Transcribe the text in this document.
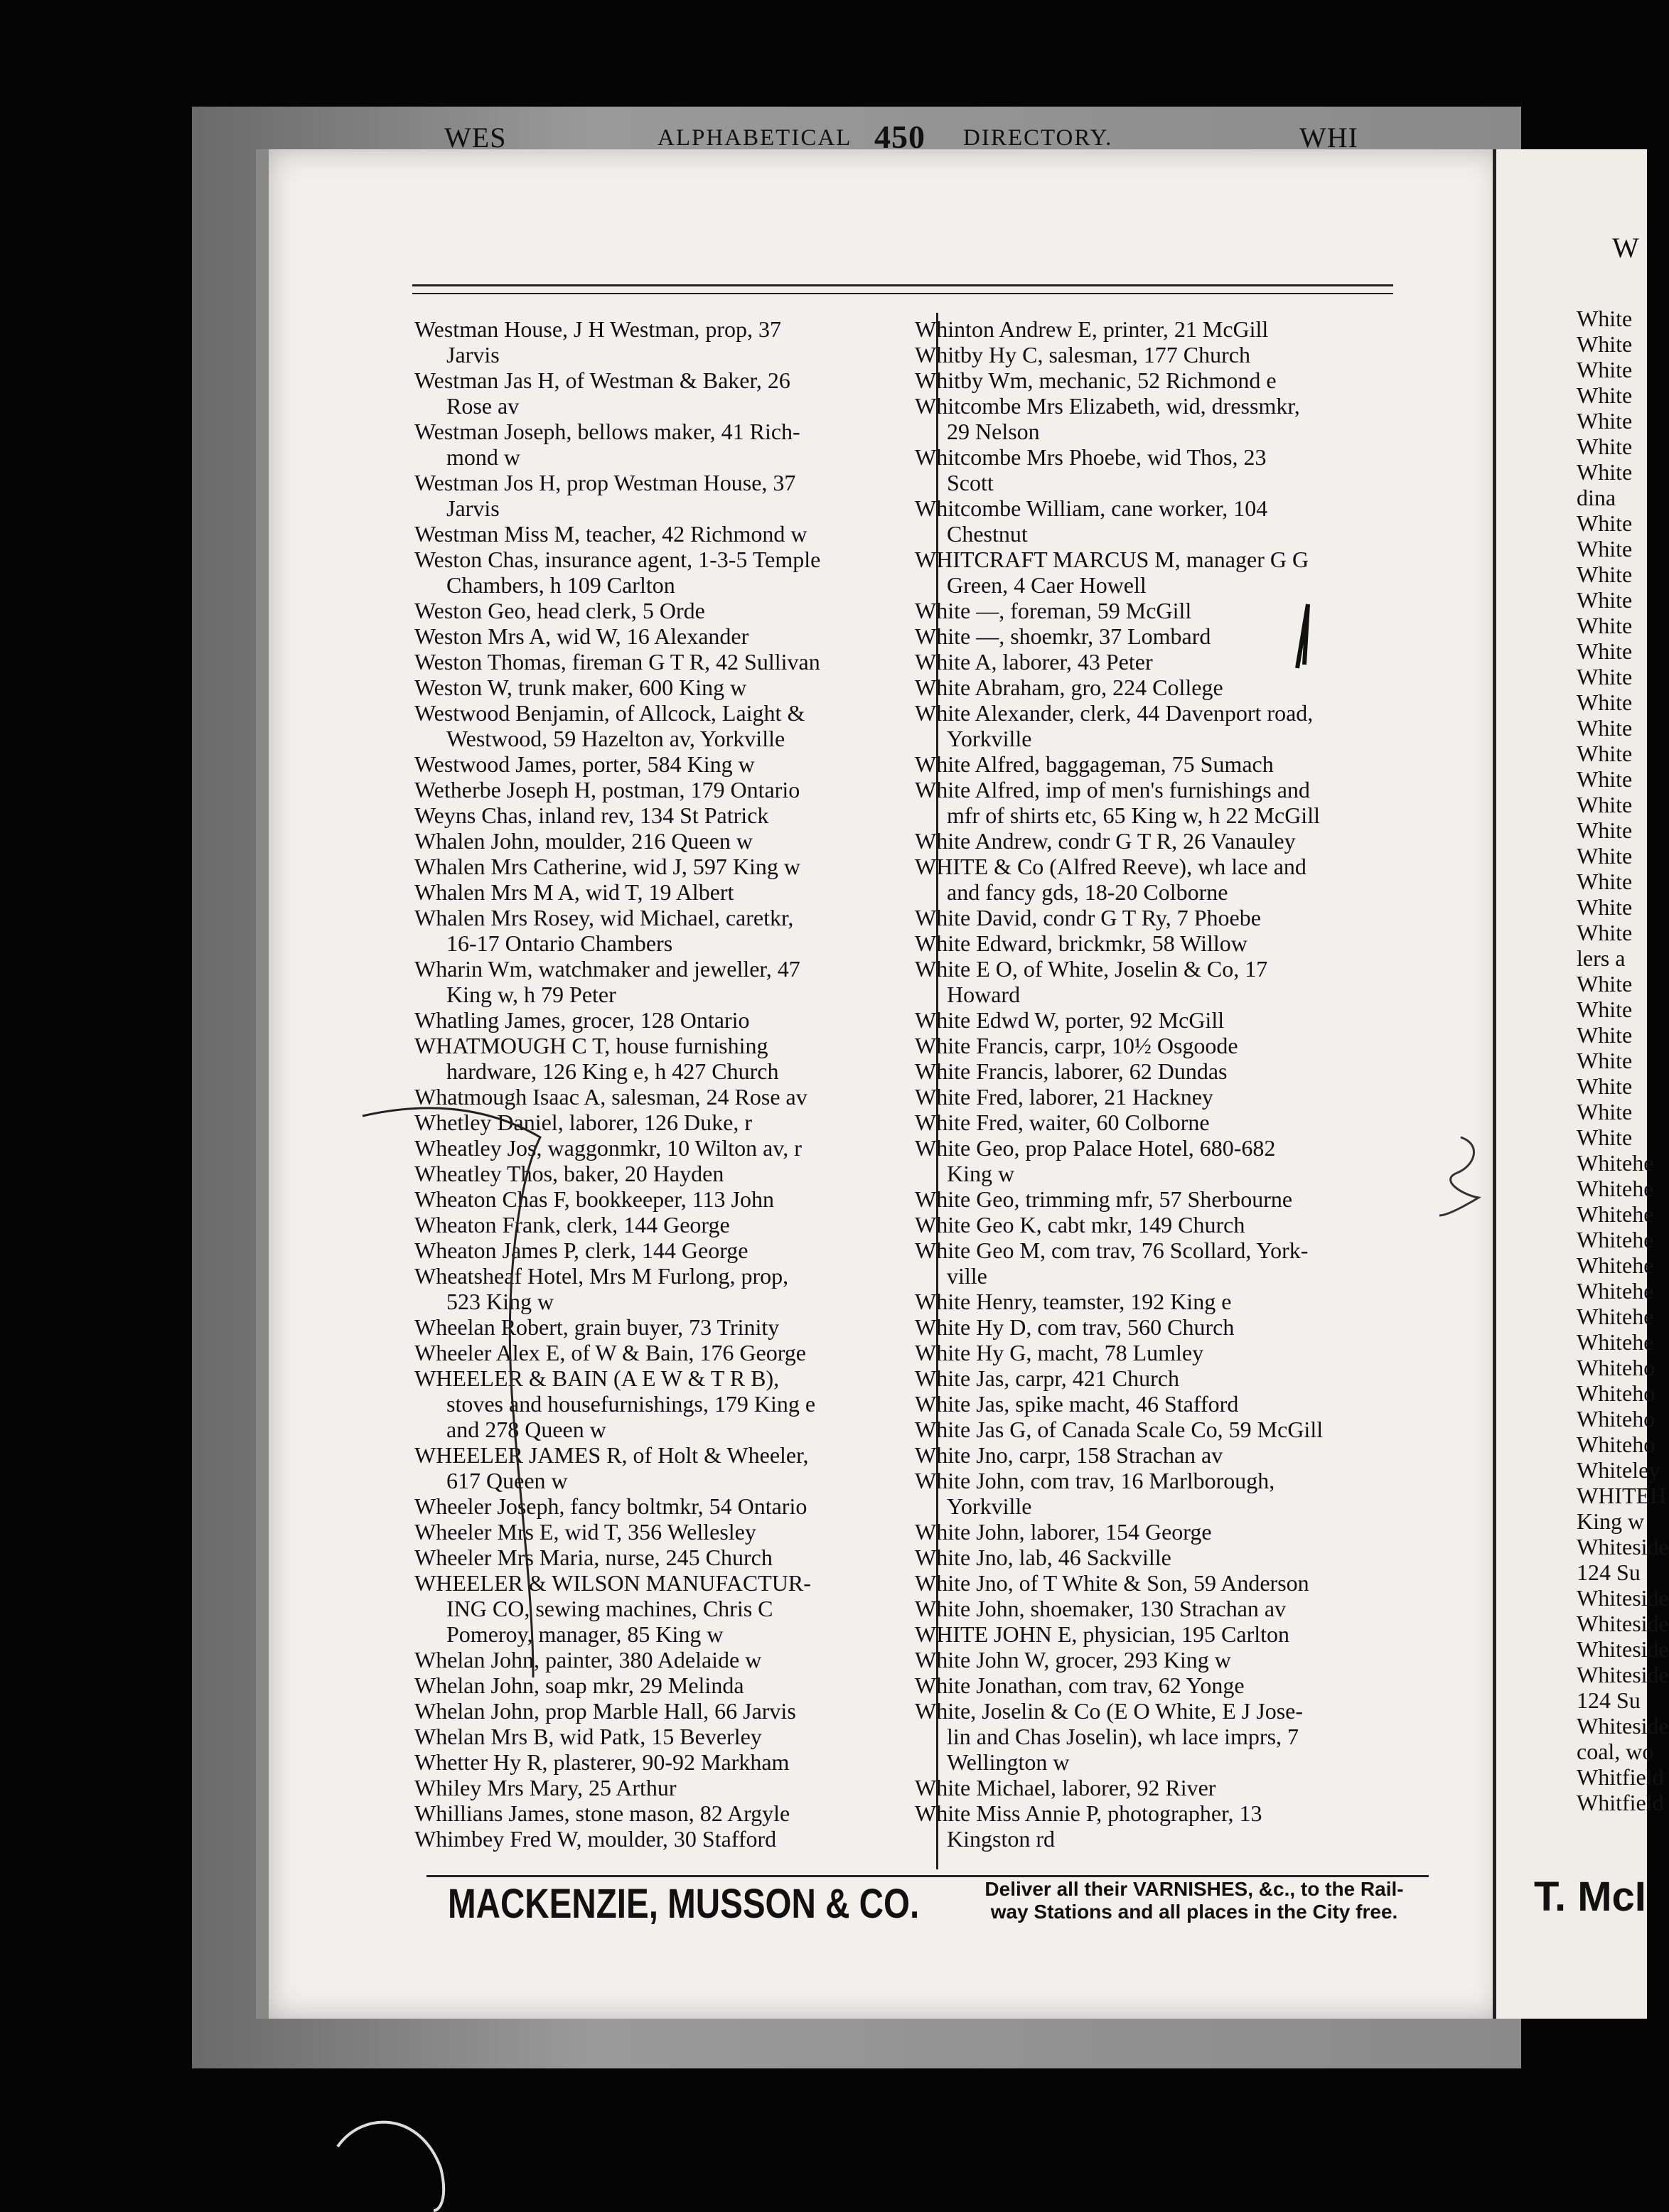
WES	ALPHABETICAL 450 DIRECTORY.	WHI
Westman House, J H Westman, prop, 37
Jarvis
Westman Jas H, of Westman & Baker, 26
Rose av
Westman Joseph, bellows maker, 41 Rich-
mond w
Westman Jos H, prop Westman House, 37
Jarvis
Westman Miss M, teacher, 42 Richmond w
Weston Chas, insurance agent, 1-3-5 Temple
Chambers, h 109 Carlton
Weston Geo, head clerk, 5 Orde
Weston Mrs A, wid W, 16 Alexander
Weston Thomas, fireman G T R, 42 Sullivan
Weston W, trunk maker, 600 King w
Westwood Benjamin, of Allcock, Laight &
Westwood, 59 Hazelton av, Yorkville
Westwood James, porter, 584 King w
Wetherbe Joseph H, postman, 179 Ontario
Weyns Chas, inland rev, 134 St Patrick
Whalen John, moulder, 216 Queen w
Whalen Mrs Catherine, wid J, 597 King w
Whalen Mrs M A, wid T, 19 Albert
Whalen Mrs Rosey, wid Michael, caretkr,
16-17 Ontario Chambers
Wharin Wm, watchmaker and jeweller, 47
King w, h 79 Peter
Whatling James, grocer, 128 Ontario
WHATMOUGH C T, house furnishing
hardware, 126 King e, h 427 Church
Whatmough Isaac A, salesman, 24 Rose av
Whetley Daniel, laborer, 126 Duke, r
Wheatley Jos, waggonmkr, 10 Wilton av, r
Wheatley Thos, baker, 20 Hayden
Wheaton Chas F, bookkeeper, 113 John
Wheaton Frank, clerk, 144 George
Wheaton James P, clerk, 144 George
Wheatsheaf Hotel, Mrs M Furlong, prop,
523 King w
Wheelan Robert, grain buyer, 73 Trinity
Wheeler Alex E, of W & Bain, 176 George
WHEELER & BAIN (A E W & T R B),
stoves and housefurnishings, 179 King e
and 278 Queen w
WHEELER JAMES R, of Holt & Wheeler,
617 Queen w
Wheeler Joseph, fancy boltmkr, 54 Ontario
Wheeler Mrs E, wid T, 356 Wellesley
Wheeler Mrs Maria, nurse, 245 Church
WHEELER & WILSON MANUFACTUR-
ING CO, sewing machines, Chris C
Pomeroy, manager, 85 King w
Whelan John, painter, 380 Adelaide w
Whelan John, soap mkr, 29 Melinda
Whelan John, prop Marble Hall, 66 Jarvis
Whelan Mrs B, wid Patk, 15 Beverley
Whetter Hy R, plasterer, 90-92 Markham
Whiley Mrs Mary, 25 Arthur
Whillians James, stone mason, 82 Argyle
Whimbey Fred W, moulder, 30 Stafford
Whinton Andrew E, printer, 21 McGill
Whitby Hy C, salesman, 177 Church
Whitby Wm, mechanic, 52 Richmond e
Whitcombe Mrs Elizabeth, wid, dressmkr,
29 Nelson
Whitcombe Mrs Phoebe, wid Thos, 23
Scott
Whitcombe William, cane worker, 104
Chestnut
WHITCRAFT MARCUS M, manager G G
Green, 4 Caer Howell
White —, foreman, 59 McGill
White —, shoemkr, 37 Lombard
White A, laborer, 43 Peter
White Abraham, gro, 224 College
White Alexander, clerk, 44 Davenport road,
Yorkville
White Alfred, baggageman, 75 Sumach
White Alfred, imp of men's furnishings and
mfr of shirts etc, 65 King w, h 22 McGill
White Andrew, condr G T R, 26 Vanauley
WHITE & Co (Alfred Reeve), wh lace and
and fancy gds, 18-20 Colborne
White David, condr G T Ry, 7 Phoebe
White Edward, brickmkr, 58 Willow
White E O, of White, Joselin & Co, 17
Howard
White Edwd W, porter, 92 McGill
White Francis, carpr, 10½ Osgoode
White Francis, laborer, 62 Dundas
White Fred, laborer, 21 Hackney
White Fred, waiter, 60 Colborne
White Geo, prop Palace Hotel, 680-682
King w
White Geo, trimming mfr, 57 Sherbourne
White Geo K, cabt mkr, 149 Church
White Geo M, com trav, 76 Scollard, York-
ville
White Henry, teamster, 192 King e
White Hy D, com trav, 560 Church
White Hy G, macht, 78 Lumley
White Jas, carpr, 421 Church
White Jas, spike macht, 46 Stafford
White Jas G, of Canada Scale Co, 59 McGill
White Jno, carpr, 158 Strachan av
White John, com trav, 16 Marlborough,
Yorkville
White John, laborer, 154 George
White Jno, lab, 46 Sackville
White Jno, of T White & Son, 59 Anderson
White John, shoemaker, 130 Strachan av
WHITE JOHN E, physician, 195 Carlton
White John W, grocer, 293 King w
White Jonathan, com trav, 62 Yonge
White, Joselin & Co (E O White, E J Jose-
lin and Chas Joselin), wh lace imprs, 7
Wellington w
White Michael, laborer, 92 River
White Miss Annie P, photographer, 13
Kingston rd
MACKENZIE, MUSSON & CO.	Deliver all their VARNISHES, &c., to the Rail-
way Stations and all places in the City free.
W
White
White
White
White
White
White
White
dina
White
White
White
White
White
White
White
White
White
White
White
White
White
White
White
White
White
lers a
White
White
White
White
White
White
White
Whitehe
Whitehe
Whitehe
Whitehe
Whitehe
Whitehe
Whitehe
Whitehe
Whiteho
Whiteho
Whiteho
Whiteho
Whiteley
WHITEH
King w
Whiteside
124 Su
Whiteside
Whiteside
Whiteside
Whiteside
124 Su
Whiteside
coal, wo
Whitfield
Whitfield
T. McI
